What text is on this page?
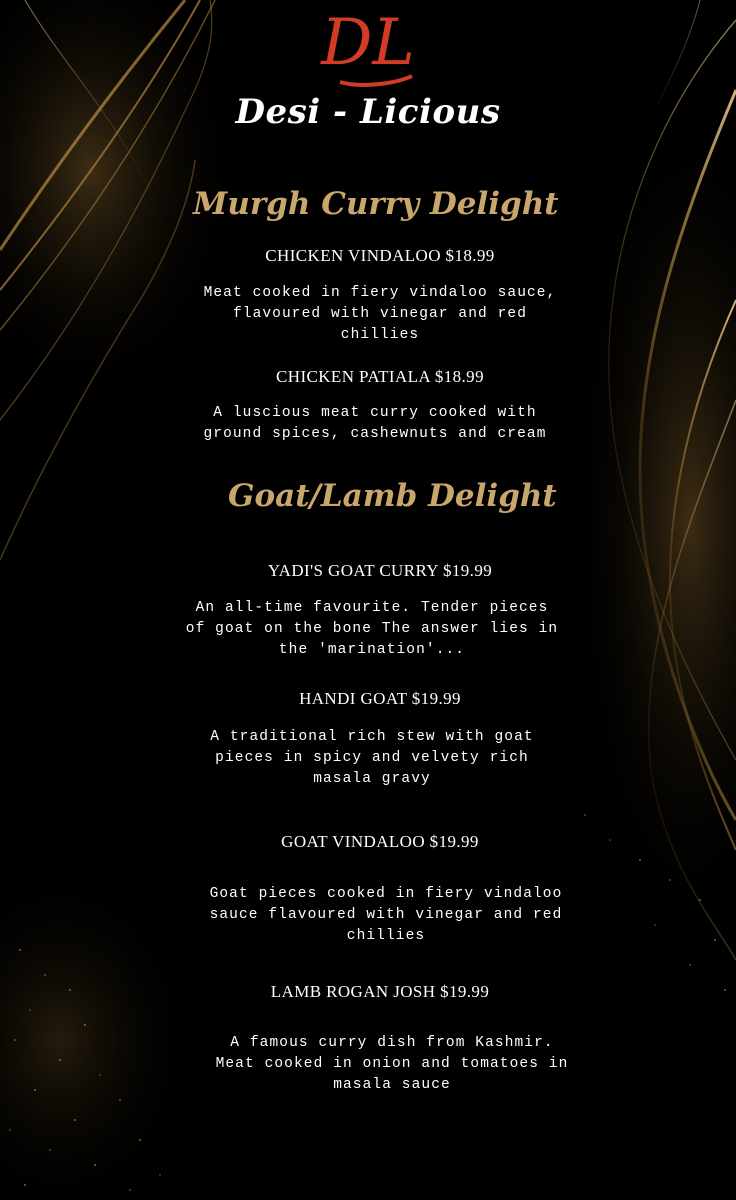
DL
Desi - Licious
Murgh Curry Delight
CHICKEN VINDALOO $18.99
Meat cooked in fiery vindaloo sauce,
flavoured with vinegar and red
chillies
CHICKEN PATIALA $18.99
A luscious meat curry cooked with
ground spices, cashewnuts and cream
Goat/Lamb Delight
YADI'S GOAT CURRY $19.99
An all-time favourite. Tender pieces
of goat on the bone The answer lies in
the 'marination'...
HANDI GOAT $19.99
A traditional rich stew with goat
pieces in spicy and velvety rich
masala gravy
GOAT VINDALOO $19.99
Goat pieces cooked in fiery vindaloo
sauce flavoured with vinegar and red
chillies
LAMB ROGAN JOSH $19.99
A famous curry dish from Kashmir.
Meat cooked in onion and tomatoes in
masala sauce
